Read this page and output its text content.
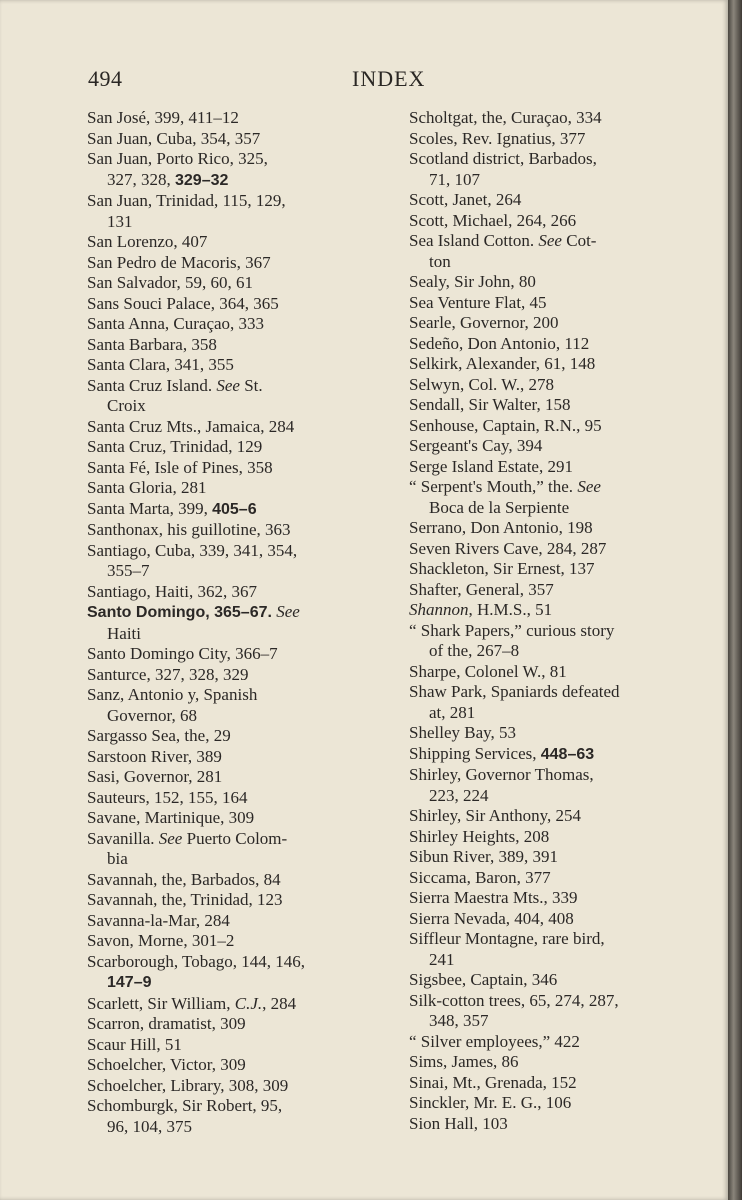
494	INDEX
San José, 399, 411–12
San Juan, Cuba, 354, 357
San Juan, Porto Rico, 325,
327, 328, 329–32
San Juan, Trinidad, 115, 129,
131
San Lorenzo, 407
San Pedro de Macoris, 367
San Salvador, 59, 60, 61
Sans Souci Palace, 364, 365
Santa Anna, Curaçao, 333
Santa Barbara, 358
Santa Clara, 341, 355
Santa Cruz Island. See St.
Croix
Santa Cruz Mts., Jamaica, 284
Santa Cruz, Trinidad, 129
Santa Fé, Isle of Pines, 358
Santa Gloria, 281
Santa Marta, 399, 405–6
Santhonax, his guillotine, 363
Santiago, Cuba, 339, 341, 354,
355–7
Santiago, Haiti, 362, 367
Santo Domingo, 365–67. See
Haiti
Santo Domingo City, 366–7
Santurce, 327, 328, 329
Sanz, Antonio y, Spanish
Governor, 68
Sargasso Sea, the, 29
Sarstoon River, 389
Sasi, Governor, 281
Sauteurs, 152, 155, 164
Savane, Martinique, 309
Savanilla. See Puerto Colom-
bia
Savannah, the, Barbados, 84
Savannah, the, Trinidad, 123
Savanna-la-Mar, 284
Savon, Morne, 301–2
Scarborough, Tobago, 144, 146,
147–9
Scarlett, Sir William, C.J., 284
Scarron, dramatist, 309
Scaur Hill, 51
Schoelcher, Victor, 309
Schoelcher, Library, 308, 309
Schomburgk, Sir Robert, 95,
96, 104, 375
Scholtgat, the, Curaçao, 334
Scoles, Rev. Ignatius, 377
Scotland district, Barbados,
71, 107
Scott, Janet, 264
Scott, Michael, 264, 266
Sea Island Cotton. See Cot-
ton
Sealy, Sir John, 80
Sea Venture Flat, 45
Searle, Governor, 200
Sedeño, Don Antonio, 112
Selkirk, Alexander, 61, 148
Selwyn, Col. W., 278
Sendall, Sir Walter, 158
Senhouse, Captain, R.N., 95
Sergeant's Cay, 394
Serge Island Estate, 291
“ Serpent's Mouth,” the. See
Boca de la Serpiente
Serrano, Don Antonio, 198
Seven Rivers Cave, 284, 287
Shackleton, Sir Ernest, 137
Shafter, General, 357
Shannon, H.M.S., 51
“ Shark Papers,” curious story
of the, 267–8
Sharpe, Colonel W., 81
Shaw Park, Spaniards defeated
at, 281
Shelley Bay, 53
Shipping Services, 448–63
Shirley, Governor Thomas,
223, 224
Shirley, Sir Anthony, 254
Shirley Heights, 208
Sibun River, 389, 391
Siccama, Baron, 377
Sierra Maestra Mts., 339
Sierra Nevada, 404, 408
Siffleur Montagne, rare bird,
241
Sigsbee, Captain, 346
Silk-cotton trees, 65, 274, 287,
348, 357
“ Silver employees,” 422
Sims, James, 86
Sinai, Mt., Grenada, 152
Sinckler, Mr. E. G., 106
Sion Hall, 103
